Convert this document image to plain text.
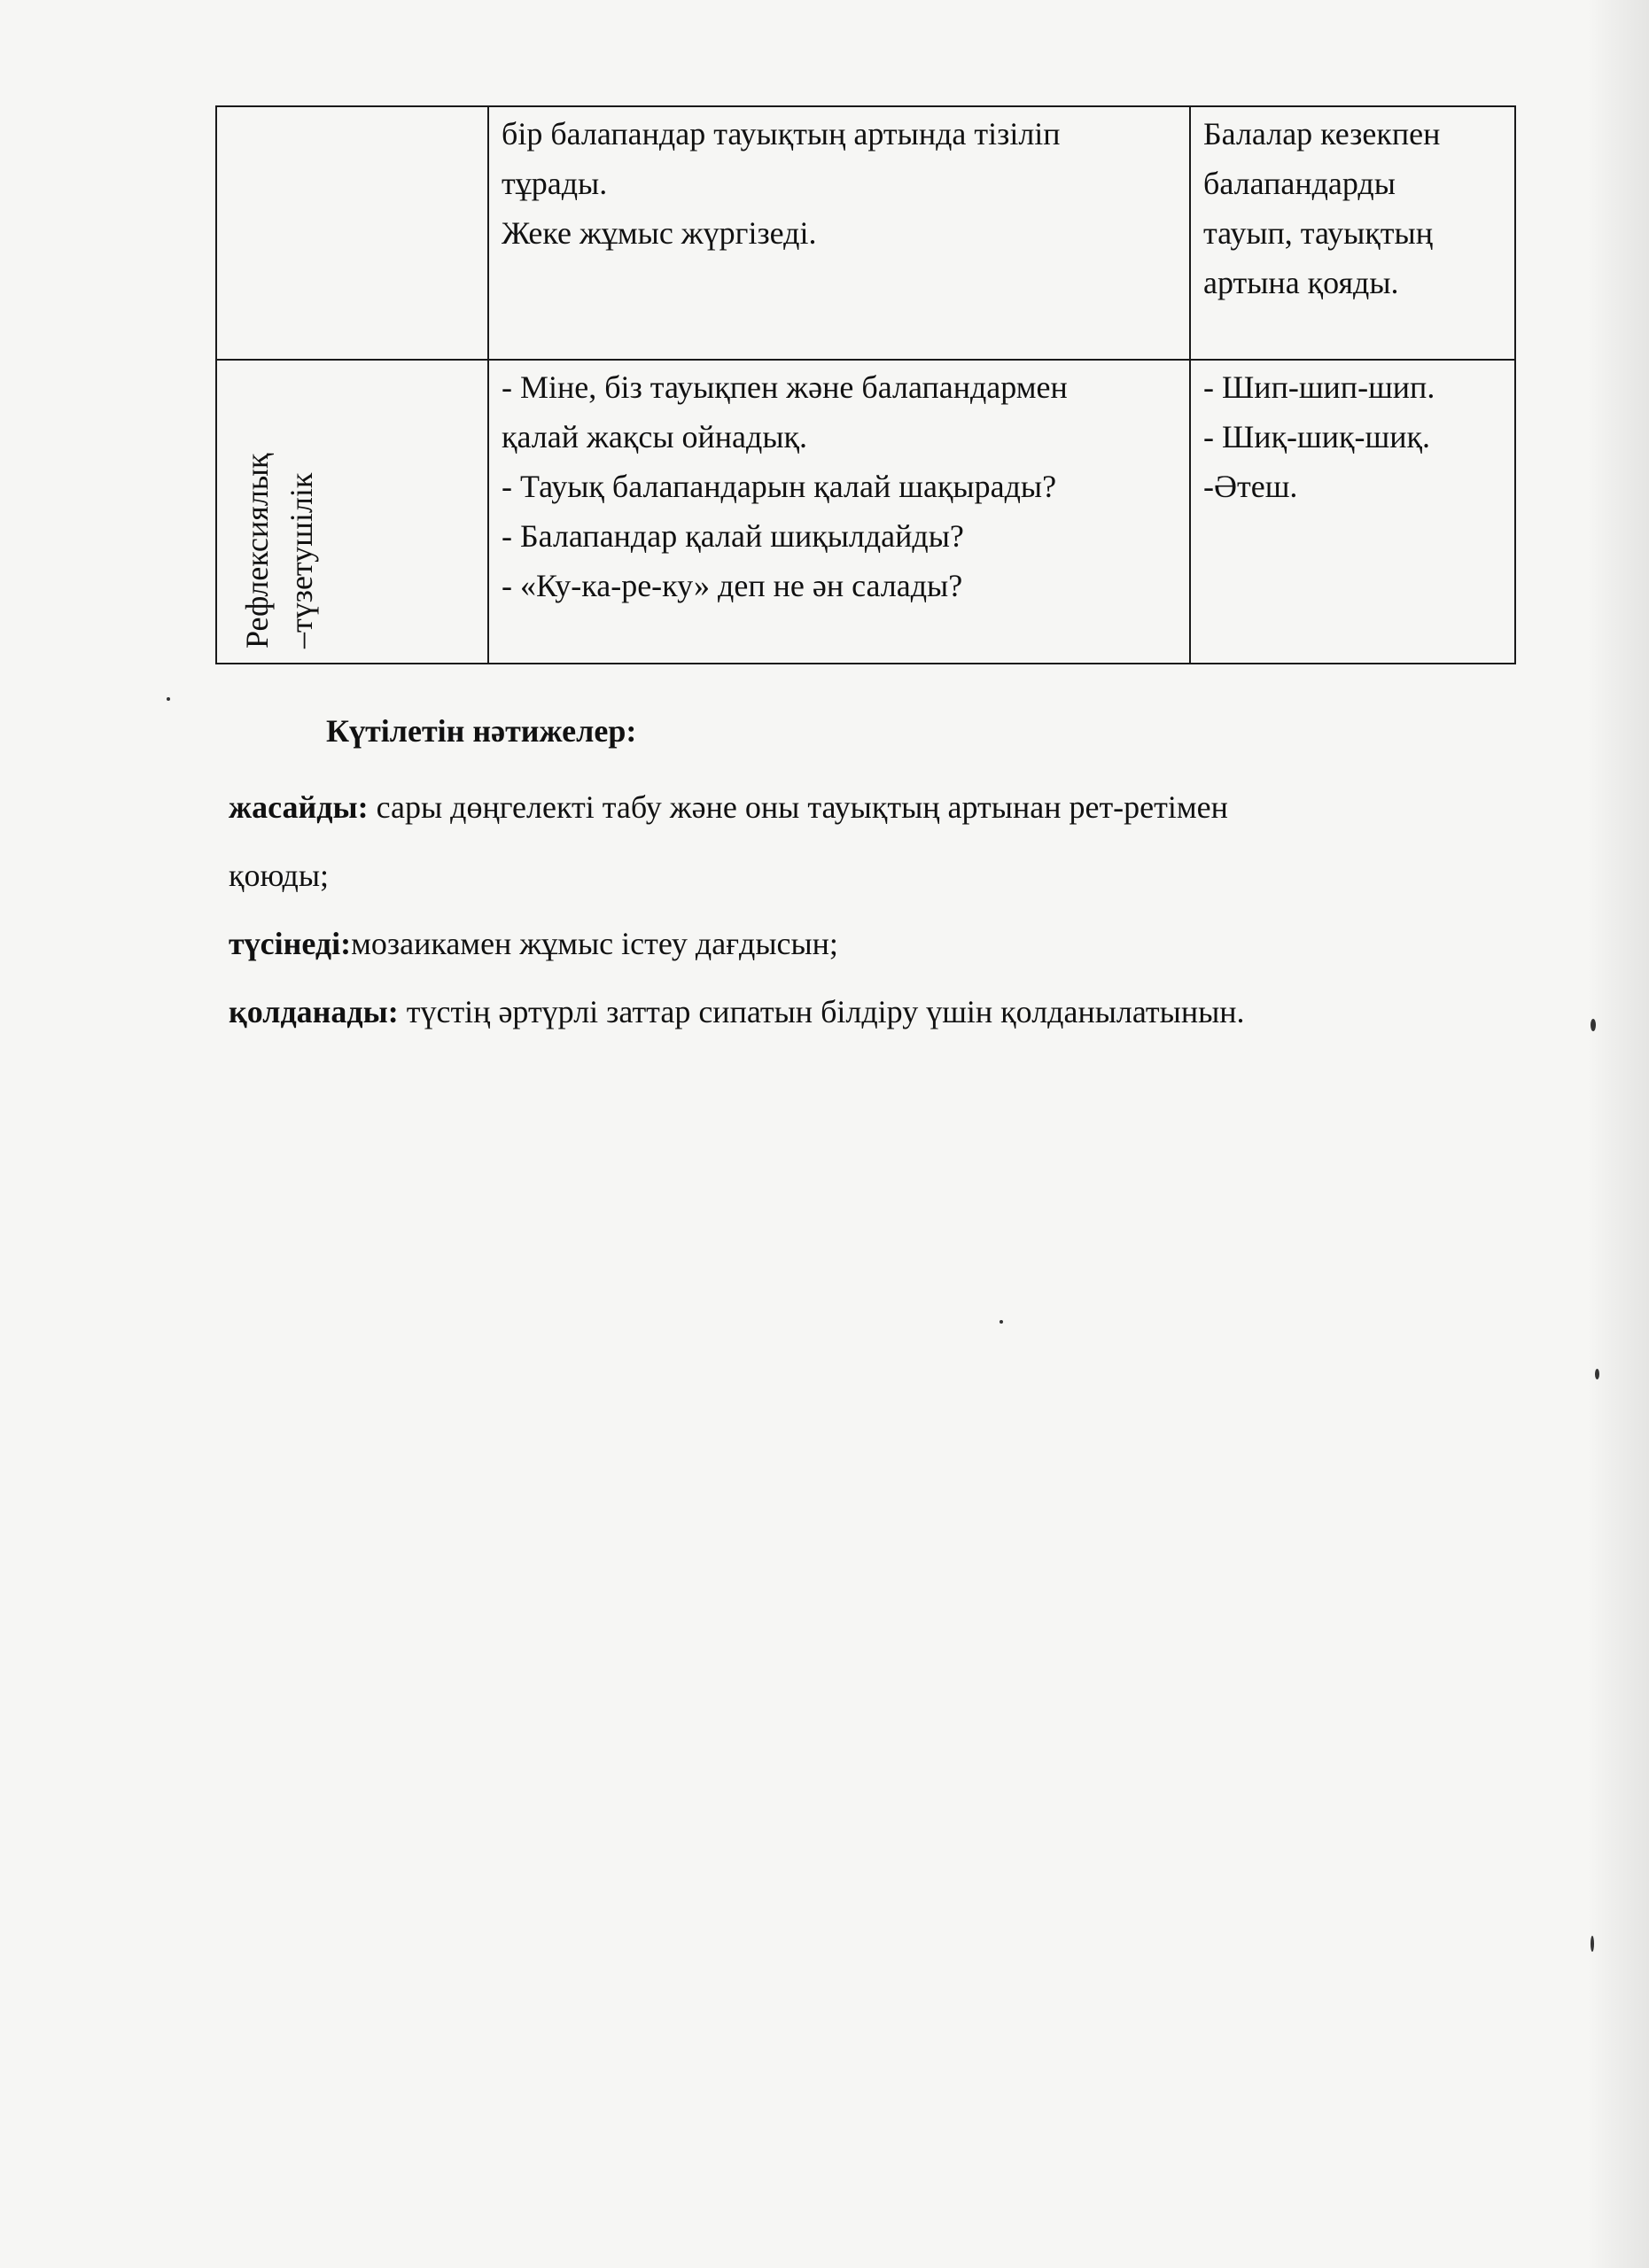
	бір балапандар тауықтың артында тізіліп
тұрады.
Жеке жұмыс жүргізеді.	Балалар кезекпен
балапандарды
тауып, тауықтың
артына қояды.

Рефлексиялық –түзетушілік	- Міне, біз тауықпен және балапандармен
қалай жақсы ойнадық.
- Тауық балапандарын қалай шақырады?
- Балапандар қалай шиқылдайды?
- «Ку-ка-ре-ку» деп не ән салады?	- Шип-шип-шип.
- Шиқ-шиқ-шиқ.
-Әтеш.
Күтілетін нәтижелер:
жасайды: сары дөңгелекті табу және оны тауықтың артынан рет-ретімен
қоюды;
түсінеді:мозаикамен жұмыс істеу дағдысын;
қолданады: түстің әртүрлі заттар сипатын білдіру үшін қолданылатынын.
